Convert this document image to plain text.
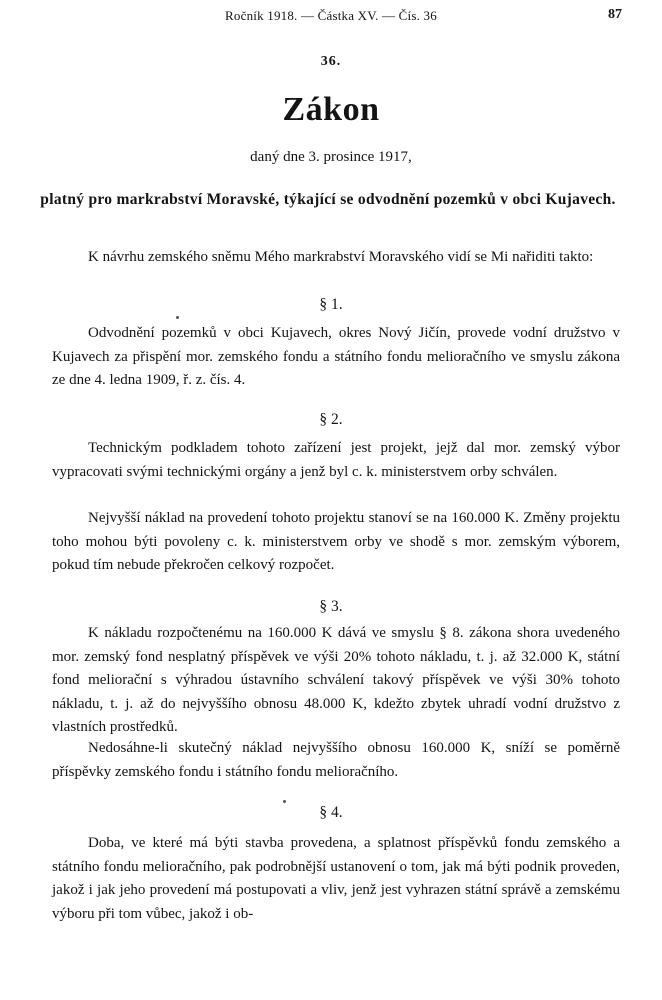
Ročník 1918. — Částka XV. — Čís. 36	87
36.
Zákon
daný dne 3. prosince 1917,
platný pro markrabství Moravské, týkající se odvodnění pozemků v obci Kujavech.

K návrhu zemského sněmu Mého markrabství Moravského vidí se Mi nařiditi takto:

§ 1.

Odvodnění pozemků v obci Kujavech, okres Nový Jičín, provede vodní družstvo v Kujavech za přispění mor. zemského fondu a státního fondu melioračního ve smyslu zákona ze dne 4. ledna 1909, ř. z. čís. 4.

§ 2.

Technickým podkladem tohoto zařízení jest projekt, jejž dal mor. zemský výbor vypracovati svými technickými orgány a jenž byl c. k. ministerstvem orby schválen.

Nejvyšší náklad na provedení tohoto projektu stanoví se na 160.000 K. Změny projektu toho mohou býti povoleny c. k. ministerstvem orby ve shodě s mor. zemským výborem, pokud tím nebude překročen celkový rozpočet.

§ 3.

K nákladu rozpočtenému na 160.000 K dává ve smyslu § 8. zákona shora uvedeného mor. zemský fond nesplatný příspěvek ve výši 20% tohoto nákladu, t. j. až 32.000 K, státní fond meliorační s výhradou ústavního schválení takový příspěvek ve výši 30% tohoto nákladu, t. j. až do nejvyššího obnosu 48.000 K, kdežto zbytek uhradí vodní družstvo z vlastních prostředků.

Nedosáhne-li skutečný náklad nejvyššího obnosu 160.000 K, sníží se poměrně příspěvky zemského fondu i státního fondu melioračního.

§ 4.

Doba, ve které má býti stavba provedena, a splatnost příspěvků fondu zemského a státního fondu melioračního, pak podrobnější ustanovení o tom, jak má býti podnik proveden, jakož i jak jeho provedení má postupovati a vliv, jenž jest vyhrazen státní správě a zemskému výboru při tom vůbec, jakož i ob-
